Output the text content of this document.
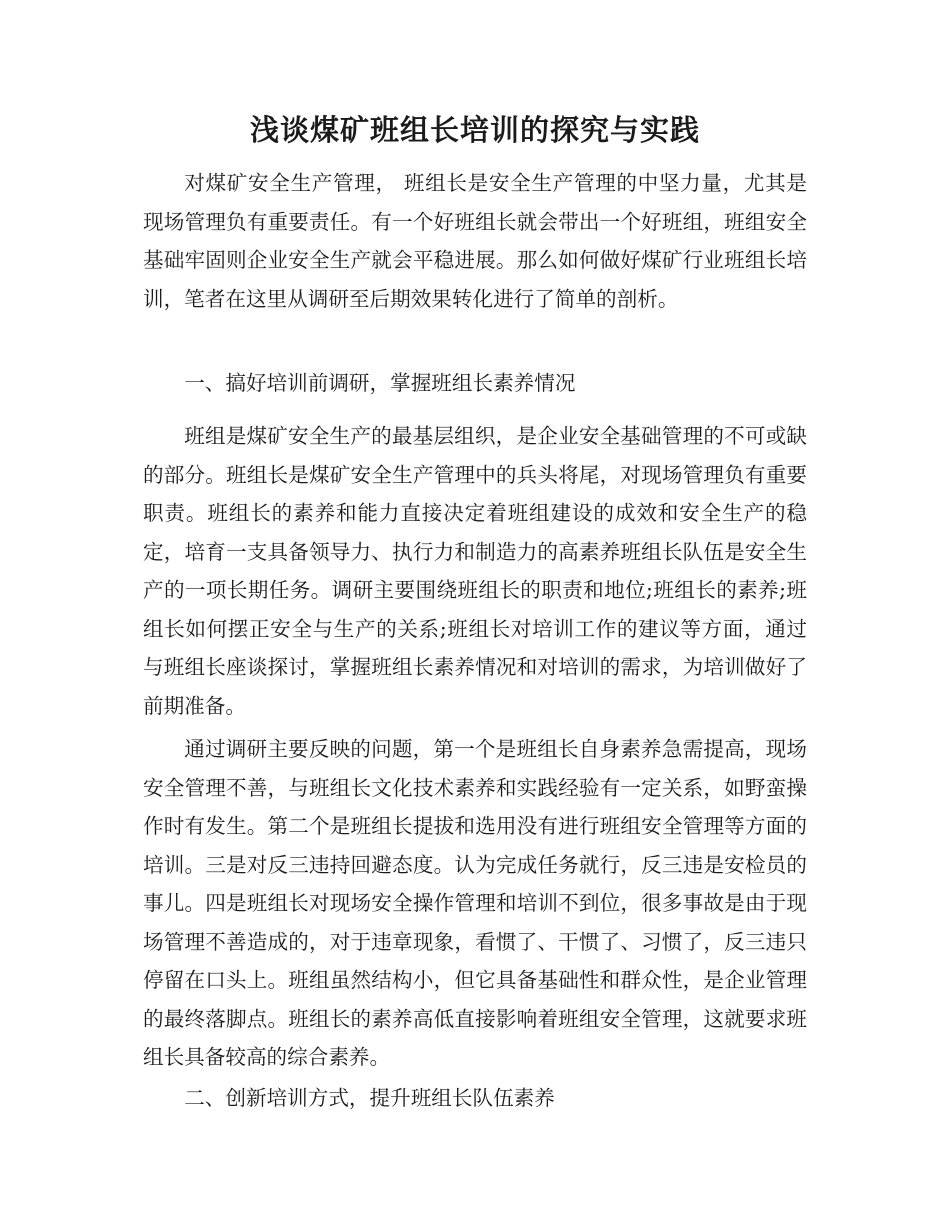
浅谈煤矿班组长培训的探究与实践

对煤矿安全生产管理， 班组长是安全生产管理的中坚力量，尤其是现场管理负有重要责任。有一个好班组长就会带出一个好班组，班组安全基础牢固则企业安全生产就会平稳进展。那么如何做好煤矿行业班组长培训，笔者在这里从调研至后期效果转化进行了简单的剖析。

一、搞好培训前调研，掌握班组长素养情况

班组是煤矿安全生产的最基层组织，是企业安全基础管理的不可或缺的部分。班组长是煤矿安全生产管理中的兵头将尾，对现场管理负有重要职责。班组长的素养和能力直接决定着班组建设的成效和安全生产的稳定，培育一支具备领导力、执行力和制造力的高素养班组长队伍是安全生产的一项长期任务。调研主要围绕班组长的职责和地位;班组长的素养;班组长如何摆正安全与生产的关系;班组长对培训工作的建议等方面，通过与班组长座谈探讨，掌握班组长素养情况和对培训的需求，为培训做好了前期准备。

通过调研主要反映的问题，第一个是班组长自身素养急需提高，现场安全管理不善，与班组长文化技术素养和实践经验有一定关系，如野蛮操作时有发生。第二个是班组长提拔和选用没有进行班组安全管理等方面的培训。三是对反三违持回避态度。认为完成任务就行，反三违是安检员的事儿。四是班组长对现场安全操作管理和培训不到位，很多事故是由于现场管理不善造成的，对于违章现象，看惯了、干惯了、习惯了，反三违只停留在口头上。班组虽然结构小，但它具备基础性和群众性，是企业管理的最终落脚点。班组长的素养高低直接影响着班组安全管理，这就要求班组长具备较高的综合素养。

二、创新培训方式，提升班组长队伍素养
